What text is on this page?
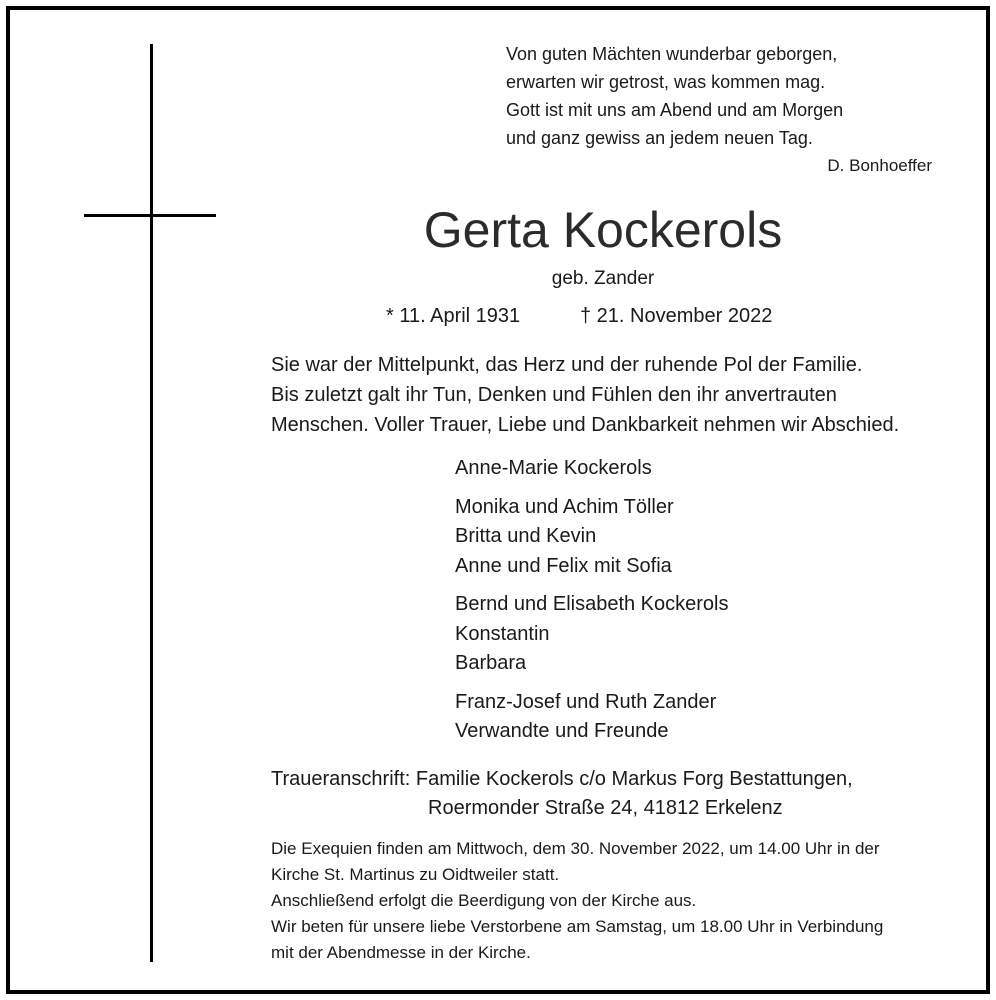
Von guten Mächten wunderbar geborgen,
erwarten wir getrost, was kommen mag.
Gott ist mit uns am Abend und am Morgen
und ganz gewiss an jedem neuen Tag.
D. Bonhoeffer
Gerta Kockerols
geb. Zander
* 11. April 1931	† 21. November 2022
Sie war der Mittelpunkt, das Herz und der ruhende Pol der Familie.
Bis zuletzt galt ihr Tun, Denken und Fühlen den ihr anvertrauten
Menschen. Voller Trauer, Liebe und Dankbarkeit nehmen wir Abschied.
Anne-Marie Kockerols
Monika und Achim Töller
Britta und Kevin
Anne und Felix mit Sofia
Bernd und Elisabeth Kockerols
Konstantin
Barbara
Franz-Josef und Ruth Zander
Verwandte und Freunde
Traueranschrift: Familie Kockerols c/o Markus Forg Bestattungen,
Roermonder Straße 24, 41812 Erkelenz
Die Exequien finden am Mittwoch, dem 30. November 2022, um 14.00 Uhr in der
Kirche St. Martinus zu Oidtweiler statt.
Anschließend erfolgt die Beerdigung von der Kirche aus.
Wir beten für unsere liebe Verstorbene am Samstag, um 18.00 Uhr in Verbindung
mit der Abendmesse in der Kirche.
